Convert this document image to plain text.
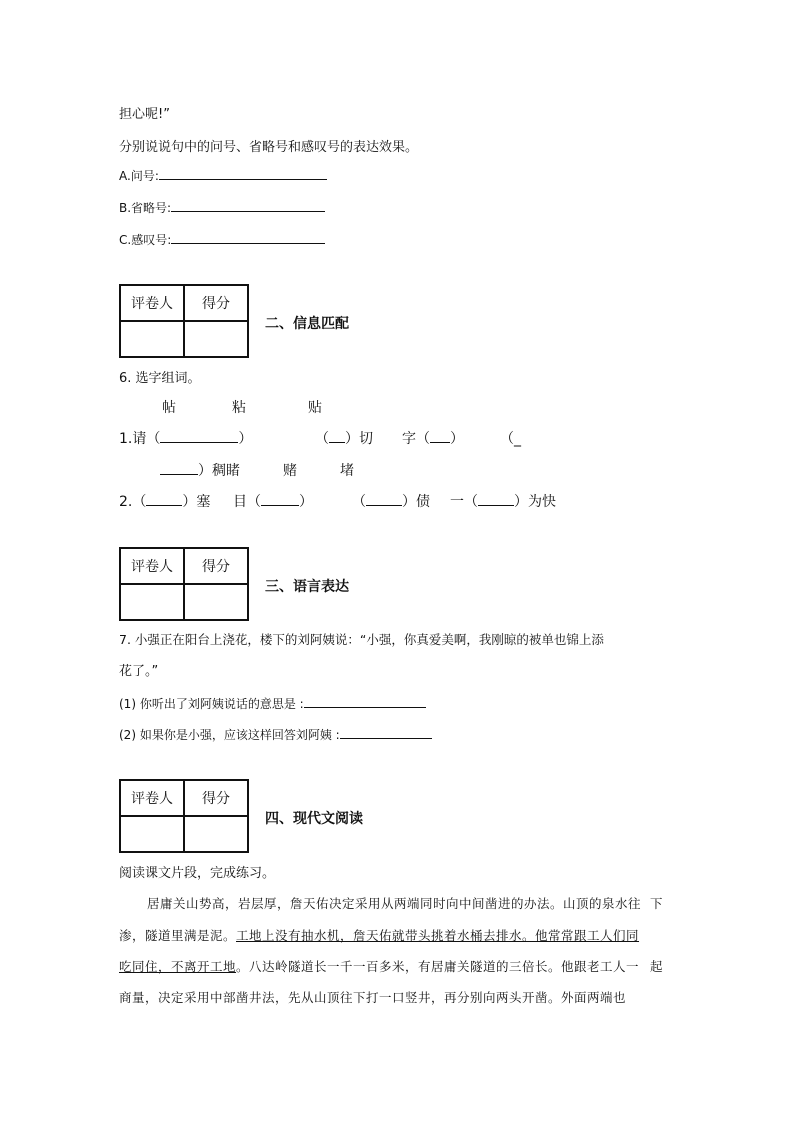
担心呢!”
分别说说句中的问号、省略号和感叹号的表达效果。
A.问号:
B.省略号:
C.感叹号:
评卷人	得分

二、信息匹配
6. 选字组词。
帖	粘	贴
1.请（	）	（ ）切 字（ ）	（_
）稠睹	赌	堵
2.（	）塞 目（	）	（	）债 一（	）为快
评卷人	得分

三、语言表达
7. 小强正在阳台上浇花，楼下的刘阿姨说：“小强，你真爱美啊，我刚晾的被单也锦上添
花了。”
(1) 你听出了刘阿姨说话的意思是 :
(2) 如果你是小强，应该这样回答刘阿姨 :
评卷人	得分

四、现代文阅读
阅读课文片段，完成练习。
居庸关山势高，岩层厚，詹天佑决定采用从两端同时向中间凿进的办法。山顶的泉水往 下
渗，隧道里满是泥。工地上没有抽水机，詹天佑就带头挑着水桶去排水。他常常跟工人们同
吃同住，不离开工地。八达岭隧道长一千一百多米，有居庸关隧道的三倍长。他跟老工人一 起
商量，决定采用中部凿井法，先从山顶往下打一口竖井，再分别向两头开凿。外面两端也
